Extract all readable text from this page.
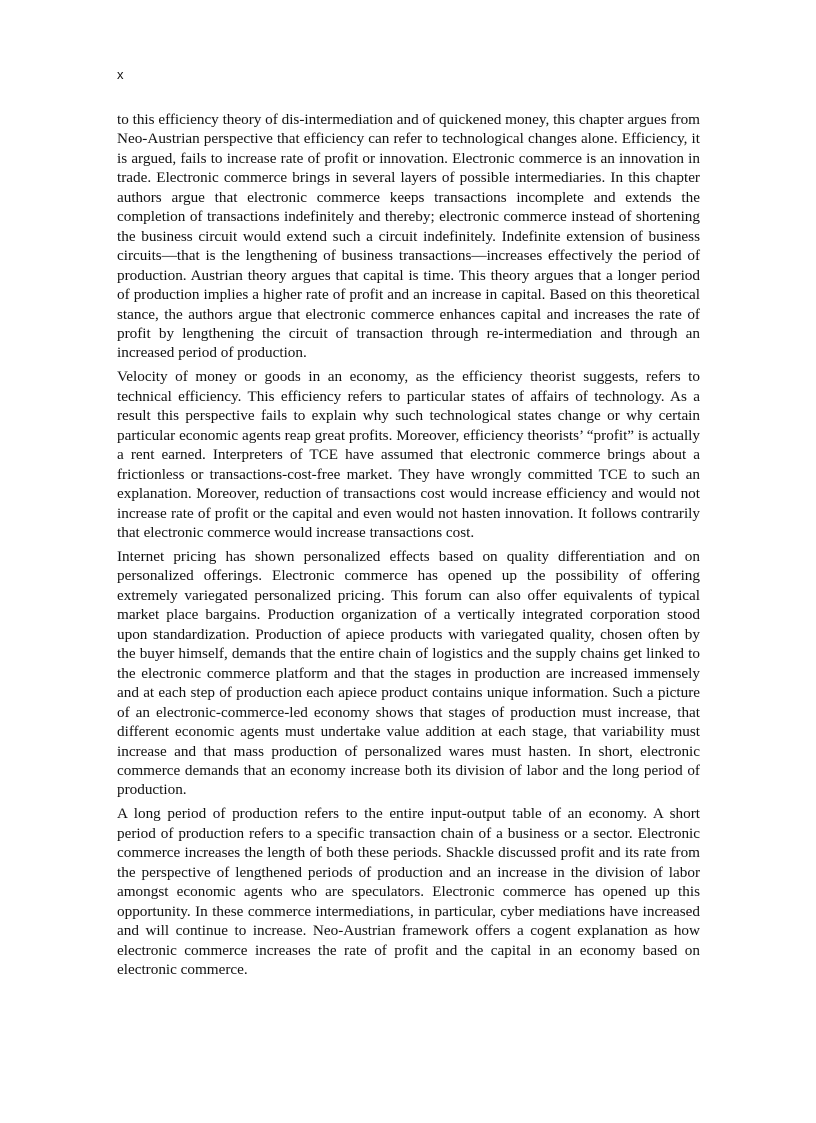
x

to this efficiency theory of dis-intermediation and of quickened money, this chapter argues from Neo-Austrian perspective that efficiency can refer to technological changes alone. Efficiency, it is argued, fails to increase rate of profit or innovation. Electronic commerce is an innovation in trade. Electronic commerce brings in several layers of possible intermediaries. In this chapter authors argue that electronic commerce keeps transactions incomplete and extends the completion of transactions indefinitely and thereby; electronic commerce instead of shortening the business circuit would extend such a circuit indefinitely. Indefinite extension of business circuits—that is the lengthening of business transactions—increases effectively the period of production. Austrian theory argues that capital is time. This theory argues that a longer period of production implies a higher rate of profit and an increase in capital. Based on this theoretical stance, the authors argue that electronic commerce enhances capital and increases the rate of profit by lengthening the circuit of transaction through re-intermediation and through an increased period of production.

Velocity of money or goods in an economy, as the efficiency theorist suggests, refers to technical efficiency. This efficiency refers to particular states of affairs of technology. As a result this perspective fails to explain why such technological states change or why certain particular economic agents reap great profits. Moreover, efficiency theorists’ “profit” is actually a rent earned. Interpreters of TCE have assumed that electronic commerce brings about a frictionless or transactions-cost-free market. They have wrongly committed TCE to such an explanation. Moreover, reduction of transactions cost would increase efficiency and would not increase rate of profit or the capital and even would not hasten innovation. It follows contrarily that electronic commerce would increase transactions cost.

Internet pricing has shown personalized effects based on quality differentiation and on personalized offerings. Electronic commerce has opened up the possibility of offering extremely variegated personalized pricing. This forum can also offer equivalents of typical market place bargains. Production organization of a vertically integrated corporation stood upon standardization. Production of apiece products with variegated quality, chosen often by the buyer himself, demands that the entire chain of logistics and the supply chains get linked to the electronic commerce platform and that the stages in production are increased immensely and at each step of production each apiece product contains unique information. Such a picture of an electronic-commerce-led economy shows that stages of production must increase, that different economic agents must undertake value addition at each stage, that variability must increase and that mass production of personalized wares must hasten. In short, electronic commerce demands that an economy increase both its division of labor and the long period of production.

A long period of production refers to the entire input-output table of an economy. A short period of production refers to a specific transaction chain of a business or a sector. Electronic commerce increases the length of both these periods. Shackle discussed profit and its rate from the perspective of lengthened periods of production and an increase in the division of labor amongst economic agents who are speculators. Electronic commerce has opened up this opportunity. In these commerce intermediations, in particular, cyber mediations have increased and will continue to increase. Neo-Austrian framework offers a cogent explanation as how electronic commerce increases the rate of profit and the capital in an economy based on electronic commerce.
